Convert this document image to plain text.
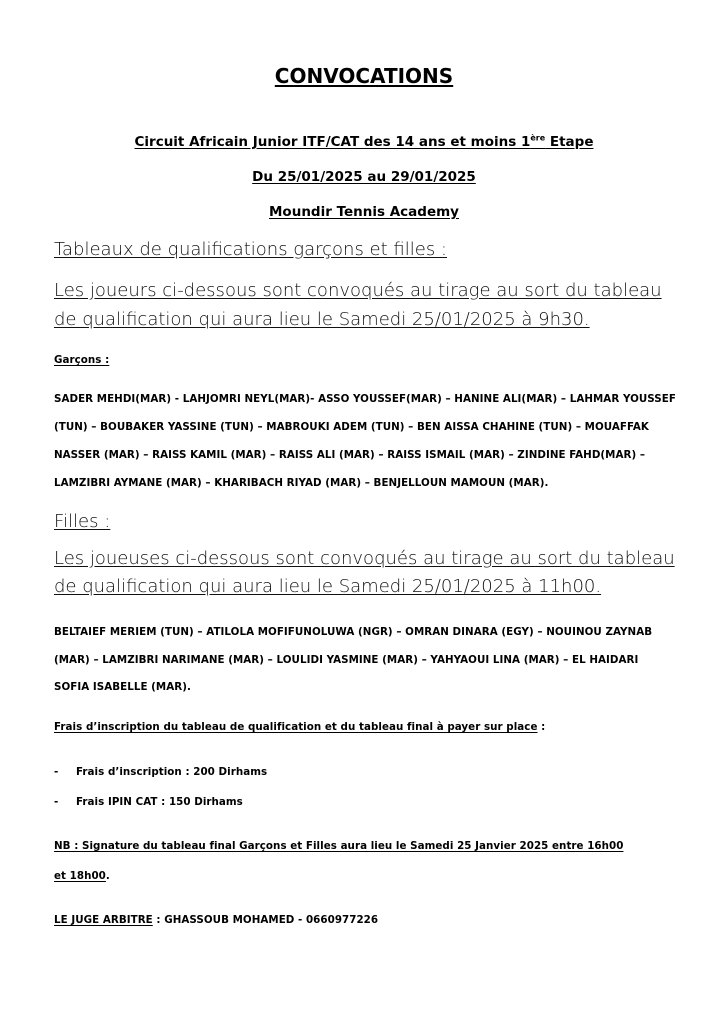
CONVOCATIONS
Circuit Africain Junior ITF/CAT des 14 ans et moins 1ère Etape
Du 25/01/2025 au 29/01/2025
Moundir Tennis Academy
Tableaux de qualifications garçons et filles :
Les joueurs ci-dessous sont convoqués au tirage au sort du tableau
de qualification qui aura lieu le Samedi 25/01/2025 à 9h30.
Garçons :
SADER MEHDI(MAR) - LAHJOMRI NEYL(MAR)- ASSO YOUSSEF(MAR) – HANINE ALI(MAR) – LAHMAR YOUSSEF
(TUN) – BOUBAKER YASSINE (TUN) – MABROUKI ADEM (TUN) – BEN AISSA CHAHINE (TUN) – MOUAFFAK
NASSER (MAR) – RAISS KAMIL (MAR) – RAISS ALI (MAR) – RAISS ISMAIL (MAR) – ZINDINE FAHD(MAR) –
LAMZIBRI AYMANE (MAR) – KHARIBACH RIYAD (MAR) – BENJELLOUN MAMOUN (MAR).
Filles :
Les joueuses ci-dessous sont convoqués au tirage au sort du tableau
de qualification qui aura lieu le Samedi 25/01/2025 à 11h00.
BELTAIEF MERIEM (TUN) – ATILOLA MOFIFUNOLUWA (NGR) – OMRAN DINARA (EGY) – NOUINOU ZAYNAB
(MAR) – LAMZIBRI NARIMANE (MAR) – LOULIDI YASMINE (MAR) – YAHYAOUI LINA (MAR) – EL HAIDARI
SOFIA ISABELLE (MAR).
Frais d’inscription du tableau de qualification et du tableau final à payer sur place :
- Frais d’inscription : 200 Dirhams
- Frais IPIN CAT : 150 Dirhams
NB : Signature du tableau final Garçons et Filles aura lieu le Samedi 25 Janvier 2025 entre 16h00
et 18h00.
LE JUGE ARBITRE : GHASSOUB MOHAMED - 0660977226
